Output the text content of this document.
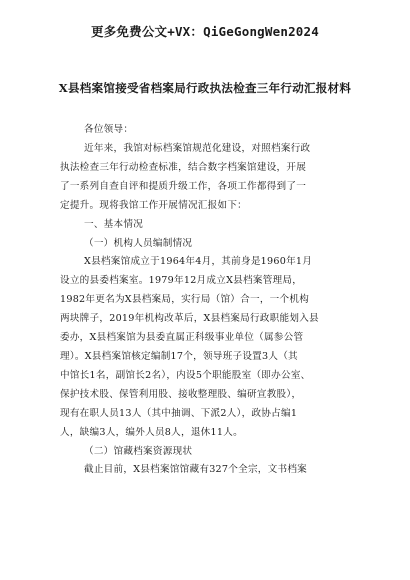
更多免费公文+VX：QiGeGongWen2024
X县档案馆接受省档案局行政执法检查三年行动汇报材料

各位领导：

近年来，我馆对标档案馆规范化建设，对照档案行政

执法检查三年行动检查标准，结合数字档案馆建设，开展

了一系列自查自评和提质升级工作，各项工作都得到了一

定提升。现将我馆工作开展情况汇报如下：

一、基本情况

（一）机构人员编制情况

X县档案馆成立于1964年4月，其前身是1960年1月

设立的县委档案室。1979年12月成立X县档案管理局，

1982年更名为X县档案局，实行局（馆）合一，一个机构

两块牌子，2019年机构改革后，X县档案局行政职能划入县

委办，X县档案馆为县委直属正科级事业单位（属参公管

理）。X县档案馆核定编制17个，领导班子设置3人（其

中馆长1名，副馆长2名），内设5个职能股室（即办公室、

保护技术股、保管利用股、接收整理股、编研宣教股），

现有在职人员13人（其中抽调、下派2人），政协占编1

人，缺编3人，编外人员8人，退休11人。

（二）馆藏档案资源现状

截止目前，X县档案馆馆藏有327个全宗，文书档案
